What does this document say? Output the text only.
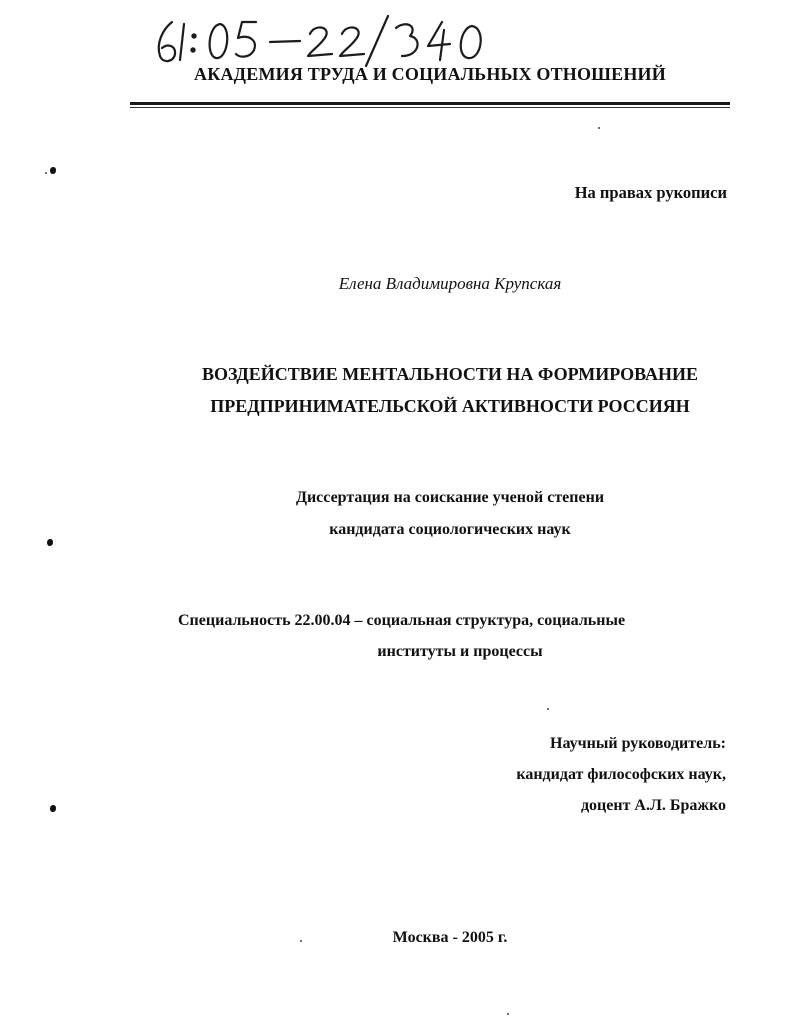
АКАДЕМИЯ ТРУДА И СОЦИАЛЬНЫХ ОТНОШЕНИЙ
На правах рукописи
Елена Владимировна Крупская
ВОЗДЕЙСТВИЕ МЕНТАЛЬНОСТИ НА ФОРМИРОВАНИЕ
ПРЕДПРИНИМАТЕЛЬСКОЙ АКТИВНОСТИ РОССИЯН
Диссертация на соискание ученой степени
кандидата социологических наук
Специальность 22.00.04 – социальная структура, социальные
институты и процессы
Научный руководитель:
кандидат философских наук,
доцент А.Л. Бражко
Москва - 2005 г.
